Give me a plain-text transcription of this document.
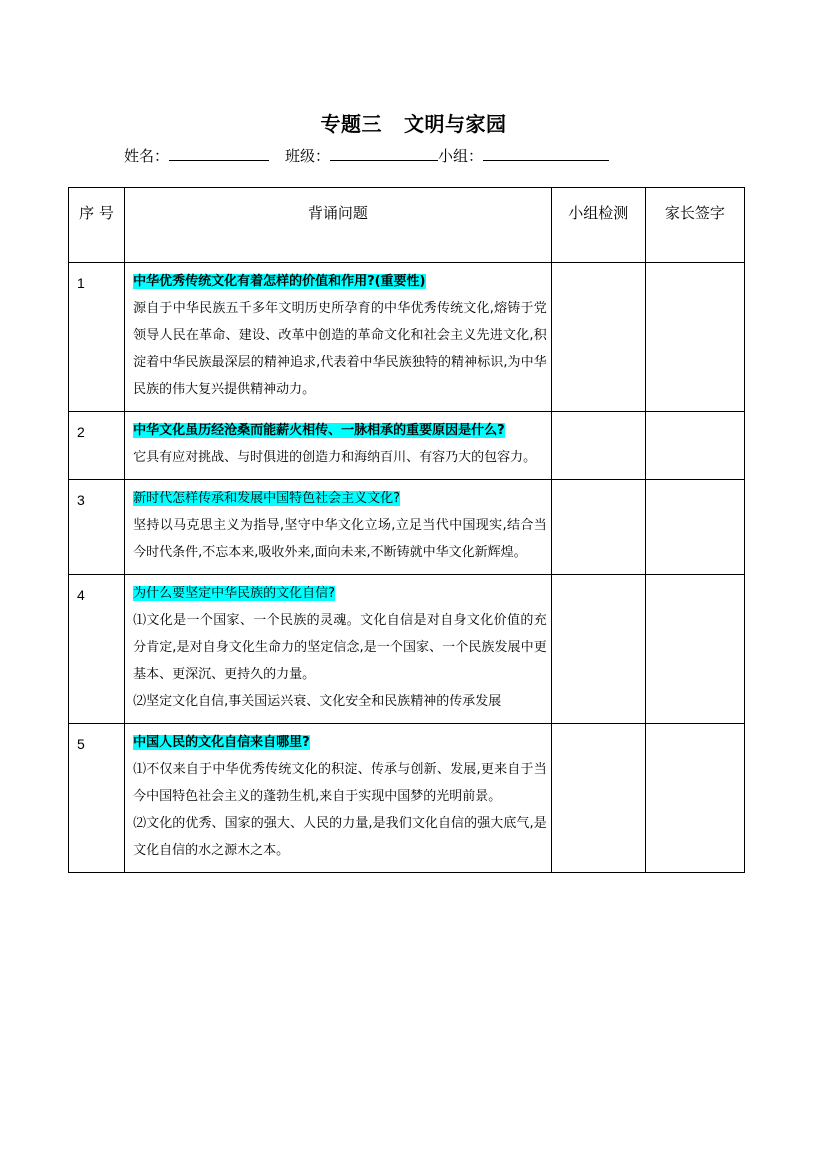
专题三 文明与家园
姓名：	班级：	小组：
序 号	背诵问题	小组检测	家长签字

1	中华优秀传统文化有着怎样的价值和作用?(重要性)
源自于中华民族五千多年文明历史所孕育的中华优秀传统文化,熔铸于党领导人民在革命、建设、改革中创造的革命文化和社会主义先进文化,积淀着中华民族最深层的精神追求,代表着中华民族独特的精神标识,为中华民族的伟大复兴提供精神动力。		

2	中华文化虽历经沧桑而能薪火相传、一脉相承的重要原因是什么?
它具有应对挑战、与时俱进的创造力和海纳百川、有容乃大的包容力。		

3	新时代怎样传承和发展中国特色社会主义文化?
坚持以马克思主义为指导,坚守中华文化立场,立足当代中国现实,结合当今时代条件,不忘本来,吸收外来,面向未来,不断铸就中华文化新辉煌。		

4	为什么要坚定中华民族的文化自信?
⑴文化是一个国家、一个民族的灵魂。文化自信是对自身文化价值的充分肯定,是对自身文化生命力的坚定信念,是一个国家、一个民族发展中更基本、更深沉、更持久的力量。
⑵坚定文化自信,事关国运兴衰、文化安全和民族精神的传承发展		

5	中国人民的文化自信来自哪里?
⑴不仅来自于中华优秀传统文化的积淀、传承与创新、发展,更来自于当今中国特色社会主义的蓬勃生机,来自于实现中国梦的光明前景。
⑵文化的优秀、国家的强大、人民的力量,是我们文化自信的强大底气,是文化自信的水之源木之本。		
